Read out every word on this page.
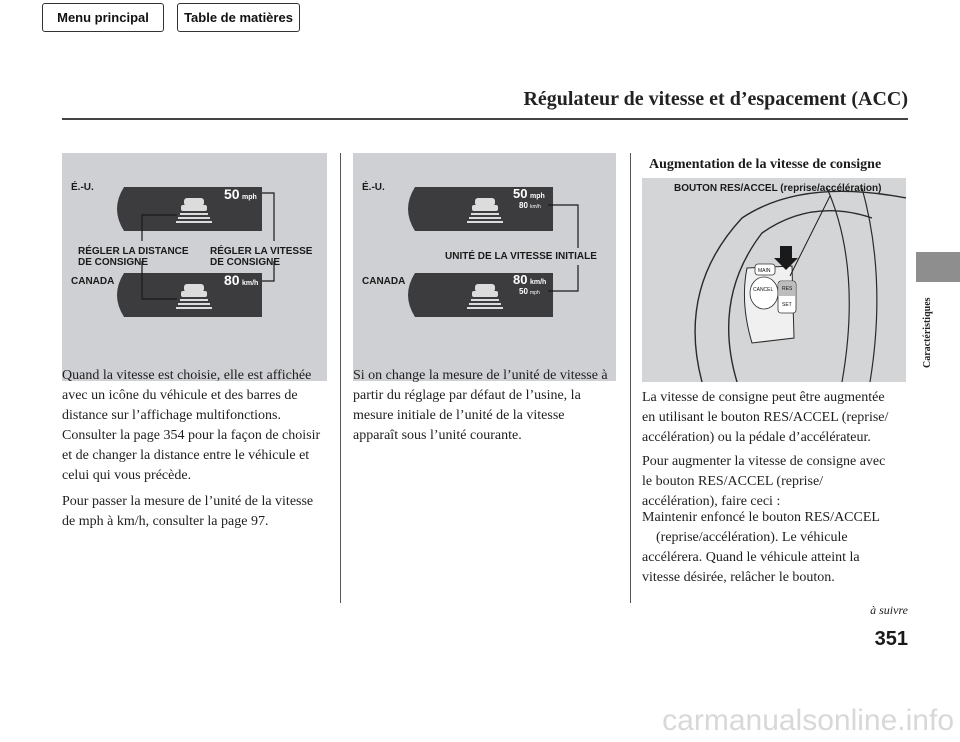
Menu principal	Table de matières
Régulateur de vitesse et d’espacement (ACC)
Caractéristiques
50 mph
80 km/h
É.-U.
RÉGLER LA DISTANCE
DE CONSIGNE
RÉGLER LA VITESSE
DE CONSIGNE
CANADA
50 mph
80 km/h
80 km/h
50 mph
É.-U.
UNITÉ DE LA VITESSE INITIALE
CANADA
Augmentation de la vitesse de consigne
MAIN
CANCEL RES
SET
BOUTON RES/ACCEL (reprise/accélération)
Quand la vitesse est choisie, elle est affichée
avec un icône du véhicule et des barres de
distance sur l’affichage multifonctions.
Consulter la page 354 pour la façon de choisir
et de changer la distance entre le véhicule et
celui qui vous précède.
Pour passer la mesure de l’unité de la vitesse
de mph à km/h, consulter la page 97.
Si on change la mesure de l’unité de vitesse à
partir du réglage par défaut de l’usine, la
mesure initiale de l’unité de la vitesse
apparaît sous l’unité courante.
La vitesse de consigne peut être augmentée
en utilisant le bouton RES/ACCEL (reprise/
accélération) ou la pédale d’accélérateur.
Pour augmenter la vitesse de consigne avec
le bouton RES/ACCEL (reprise/
accélération), faire ceci :
Maintenir enfoncé le bouton RES/ACCEL
(reprise/accélération). Le véhicule
accélérera. Quand le véhicule atteint la
vitesse désirée, relâcher le bouton.
à suivre
351
carmanualsonline.info
